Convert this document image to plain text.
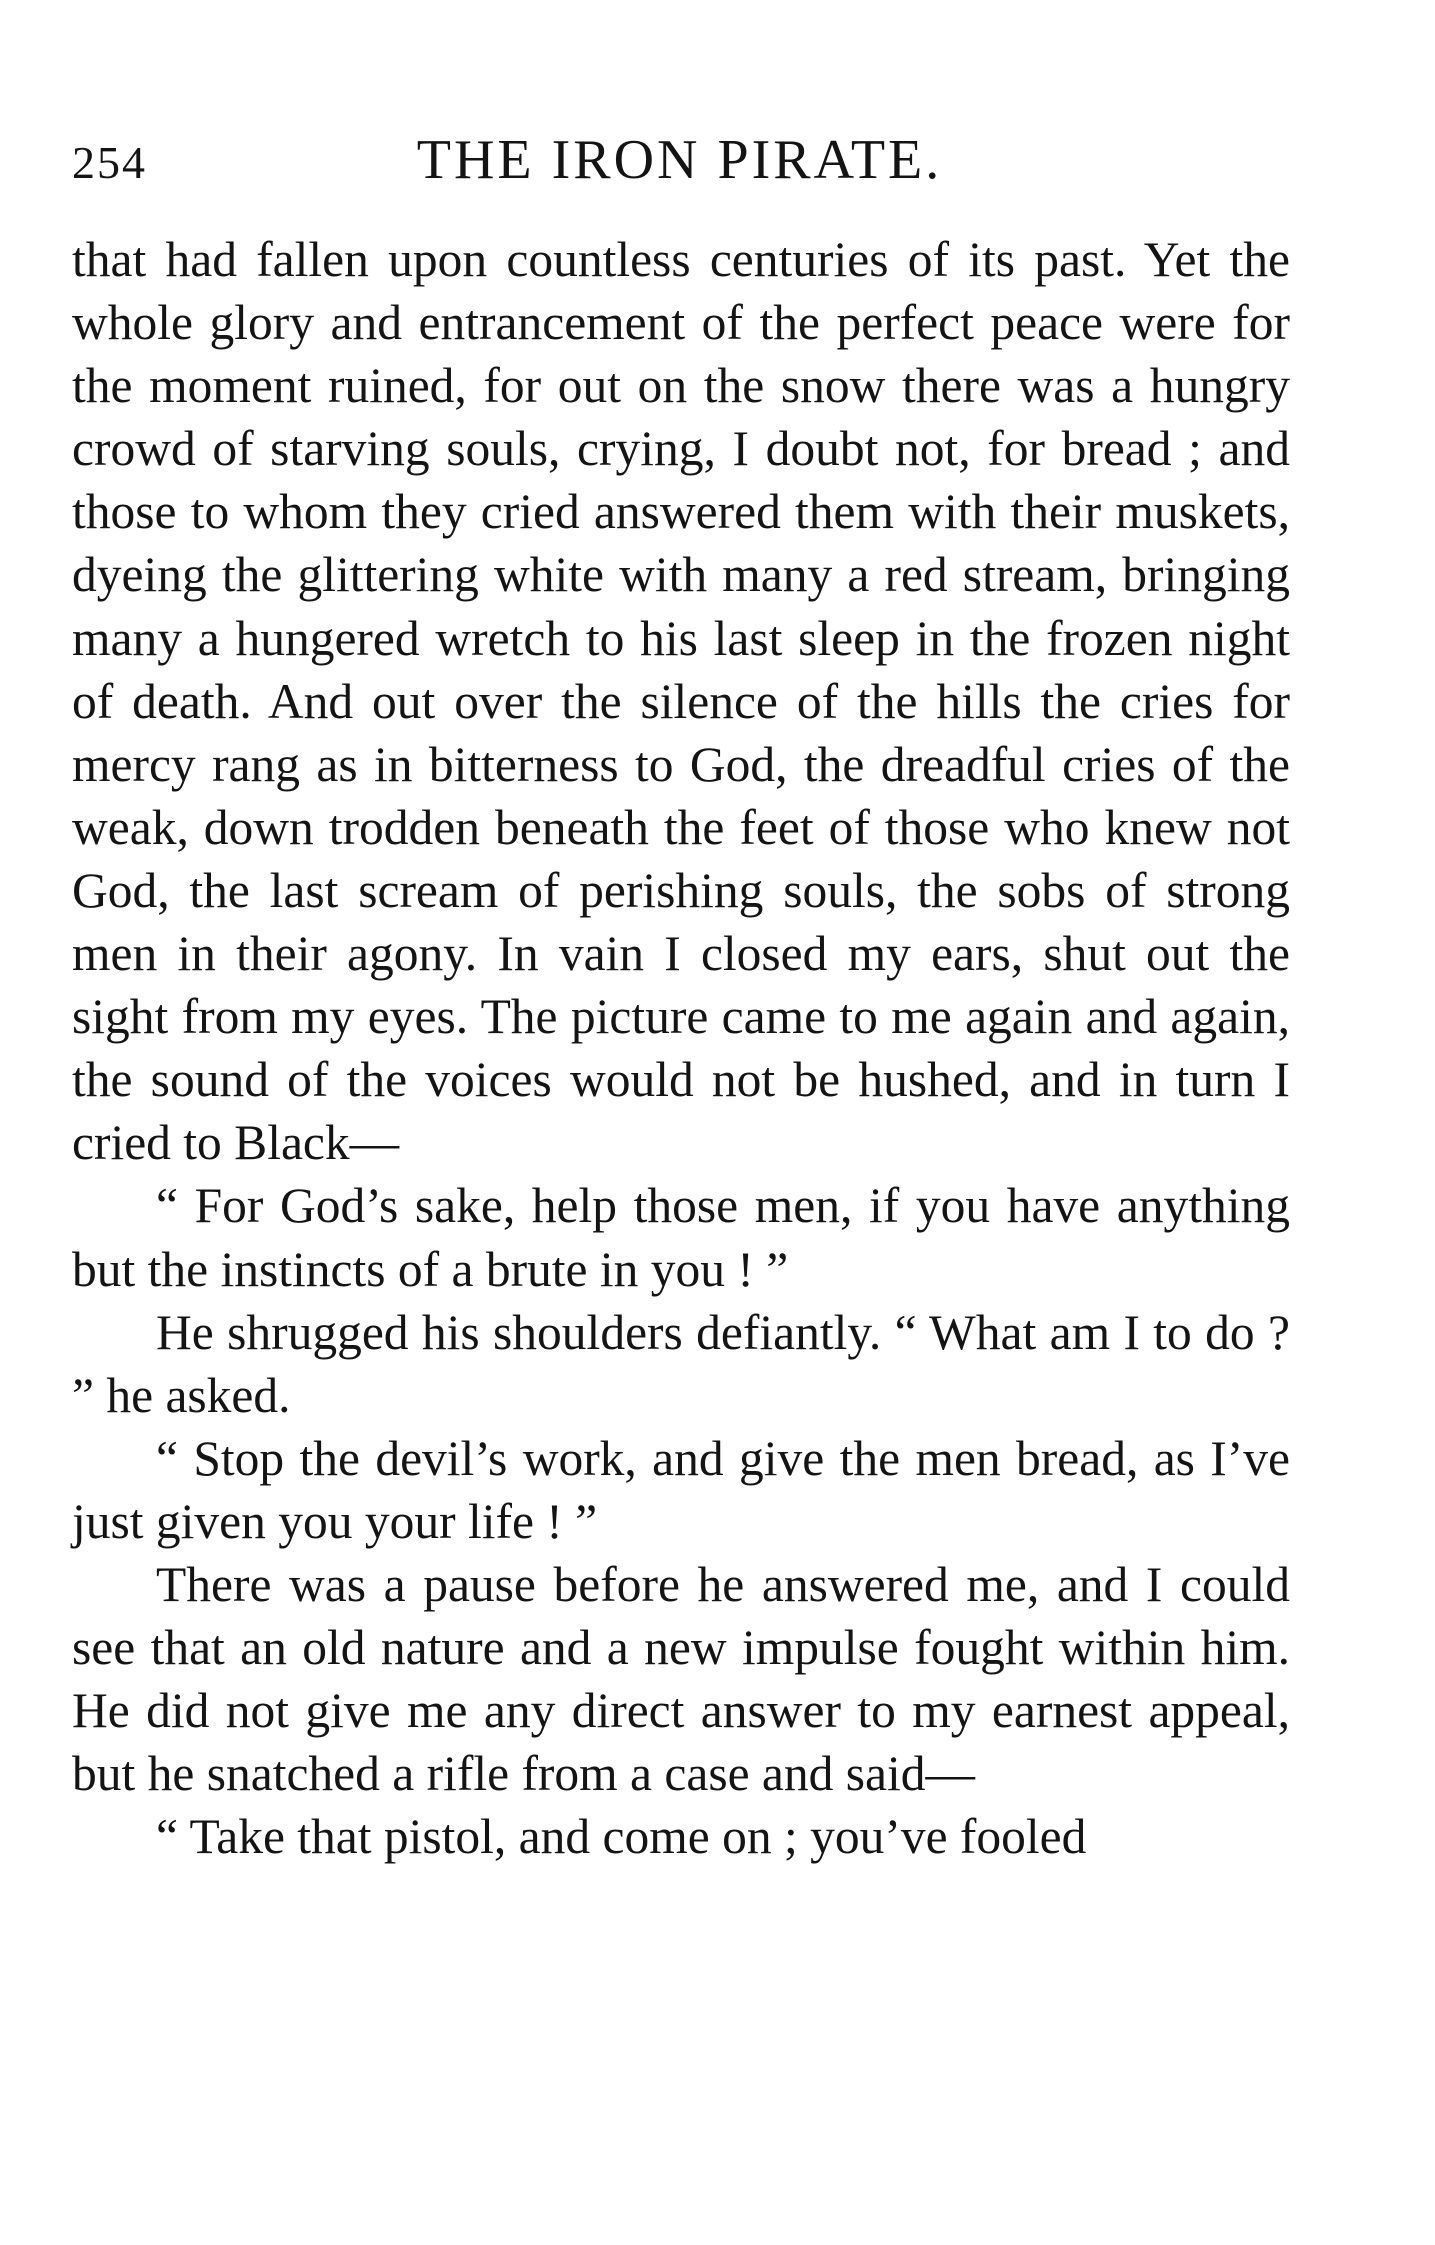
254	THE IRON PIRATE.

that had fallen upon countless centuries of its past. Yet the whole glory and entrancement of the perfect peace were for the moment ruined, for out on the snow there was a hungry crowd of starving souls, crying, I doubt not, for bread ; and those to whom they cried answered them with their muskets, dyeing the glittering white with many a red stream, bringing many a hungered wretch to his last sleep in the frozen night of death. And out over the silence of the hills the cries for mercy rang as in bitterness to God, the dreadful cries of the weak, down trodden beneath the feet of those who knew not God, the last scream of perishing souls, the sobs of strong men in their agony. In vain I closed my ears, shut out the sight from my eyes. The picture came to me again and again, the sound of the voices would not be hushed, and in turn I cried to Black—

“ For God’s sake, help those men, if you have anything but the instincts of a brute in you ! ”

He shrugged his shoulders defiantly. “ What am I to do ? ” he asked.

“ Stop the devil’s work, and give the men bread, as I’ve just given you your life ! ”

There was a pause before he answered me, and I could see that an old nature and a new impulse fought within him. He did not give me any direct answer to my earnest appeal, but he snatched a rifle from a case and said—

“ Take that pistol, and come on ; you’ve fooled
